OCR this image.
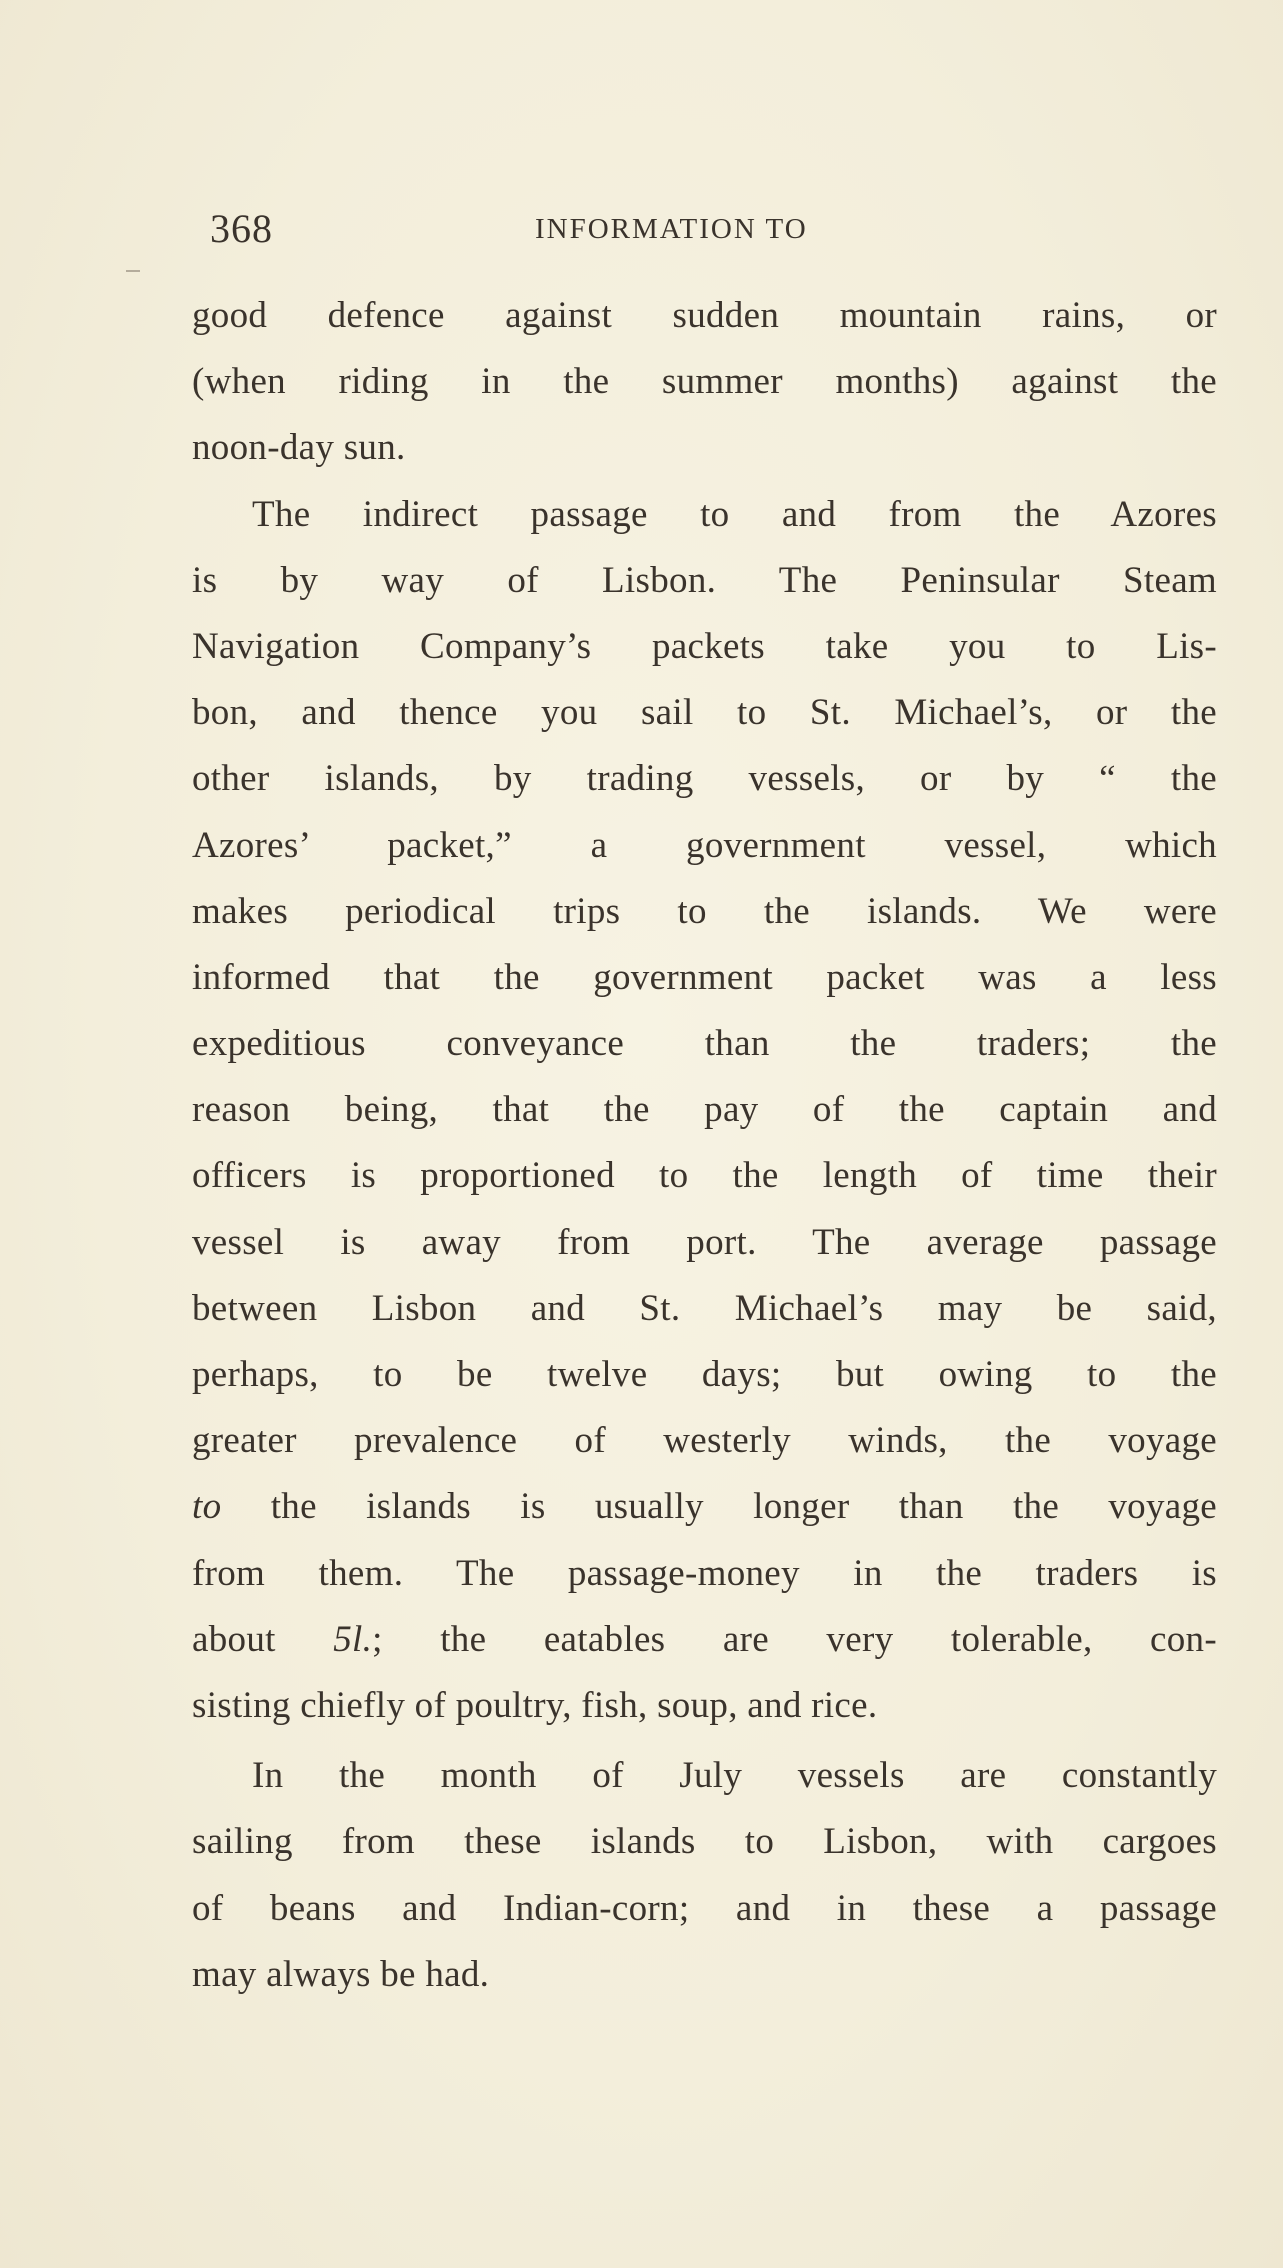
368	INFORMATION TO
good defence against sudden mountain rains, or
(when riding in the summer months) against the
noon-day sun.
The indirect passage to and from the Azores
is by way of Lisbon. The Peninsular Steam
Navigation Company’s packets take you to Lis-
bon, and thence you sail to St. Michael’s, or the
other islands, by trading vessels, or by “ the
Azores’ packet,” a government vessel, which
makes periodical trips to the islands. We were
informed that the government packet was a less
expeditious conveyance than the traders; the
reason being, that the pay of the captain and
officers is proportioned to the length of time their
vessel is away from port. The average passage
between Lisbon and St. Michael’s may be said,
perhaps, to be twelve days; but owing to the
greater prevalence of westerly winds, the voyage
to the islands is usually longer than the voyage
from them. The passage-money in the traders is
about 5l.; the eatables are very tolerable, con-
sisting chiefly of poultry, fish, soup, and rice.
In the month of July vessels are constantly
sailing from these islands to Lisbon, with cargoes
of beans and Indian-corn; and in these a passage
may always be had.
